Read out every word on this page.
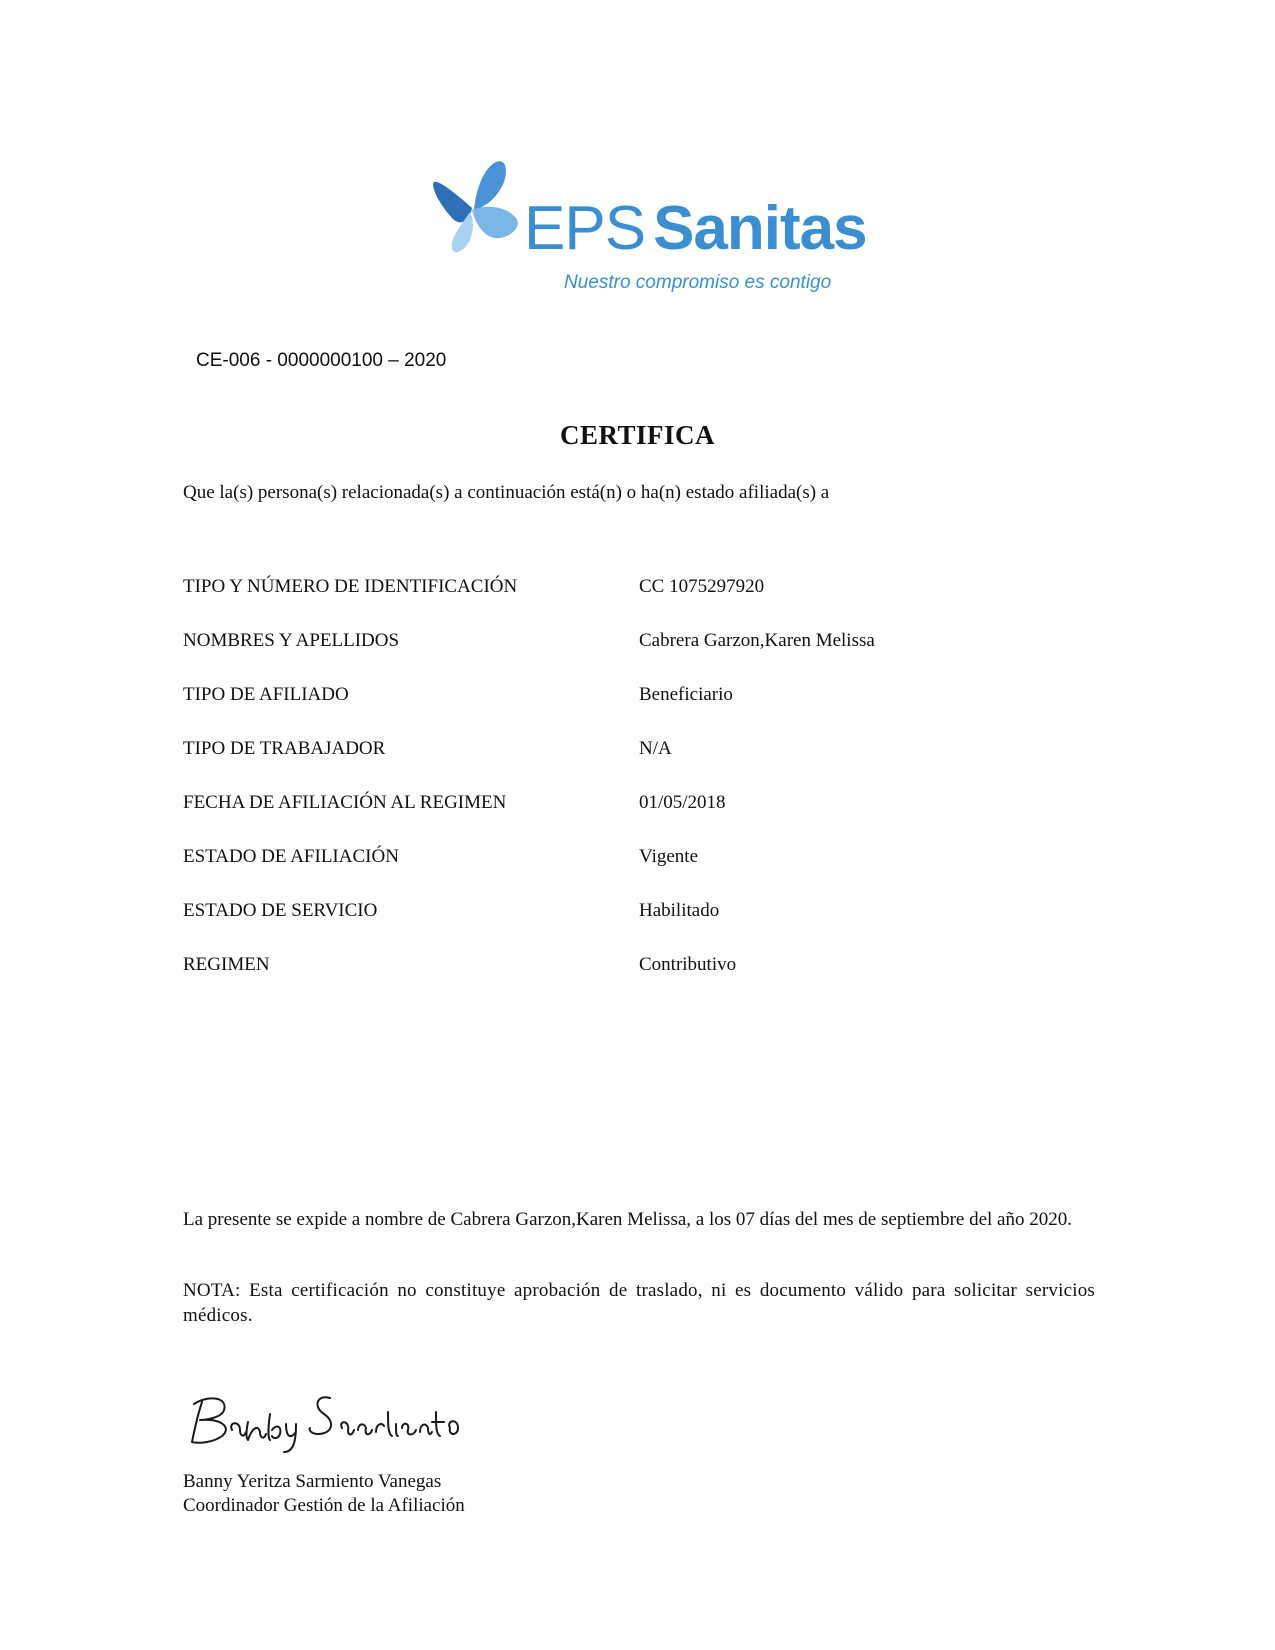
EPS Sanitas
Nuestro compromiso es contigo
CE-006 - 0000000100 – 2020
CERTIFICA
Que la(s) persona(s) relacionada(s) a continuación está(n) o ha(n) estado afiliada(s) a
TIPO Y NÚMERO DE IDENTIFICACIÓN	CC 1075297920
NOMBRES Y APELLIDOS	Cabrera Garzon,Karen Melissa
TIPO DE AFILIADO	Beneficiario
TIPO DE TRABAJADOR	N/A
FECHA DE AFILIACIÓN AL REGIMEN	01/05/2018
ESTADO DE AFILIACIÓN	Vigente
ESTADO DE SERVICIO	Habilitado
REGIMEN	Contributivo
La presente se expide a nombre de Cabrera Garzon,Karen Melissa, a los 07 días del mes de septiembre del año 2020.
NOTA: Esta certificación no constituye aprobación de traslado, ni es documento válido para solicitar servicios médicos.
Banny Yeritza Sarmiento Vanegas
Coordinador Gestión de la Afiliación
